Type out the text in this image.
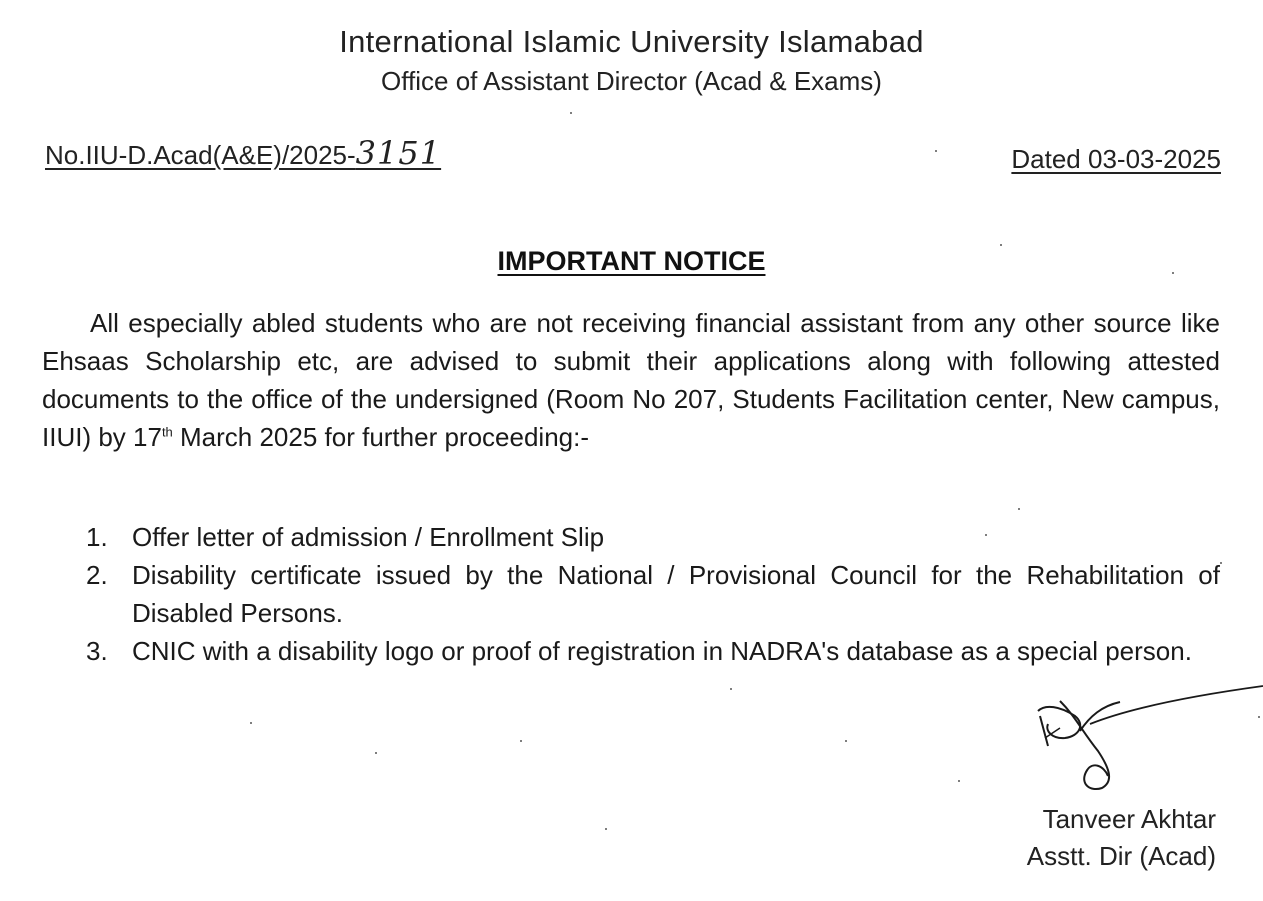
International Islamic University Islamabad
Office of Assistant Director (Acad & Exams)
No.IIU-D.Acad(A&E)/2025-3151	Dated 03-03-2025
IMPORTANT NOTICE
All especially abled students who are not receiving financial assistant from any other source like Ehsaas Scholarship etc, are advised to submit their applications along with following attested documents to the office of the undersigned (Room No 207, Students Facilitation center, New campus, IIUI) by 17th March 2025 for further proceeding:-
1. Offer letter of admission / Enrollment Slip
2. Disability certificate issued by the National / Provisional Council for the Rehabilitation of Disabled Persons.
3. CNIC with a disability logo or proof of registration in NADRA's database as a special person.
Tanveer Akhtar
Asstt. Dir (Acad)
